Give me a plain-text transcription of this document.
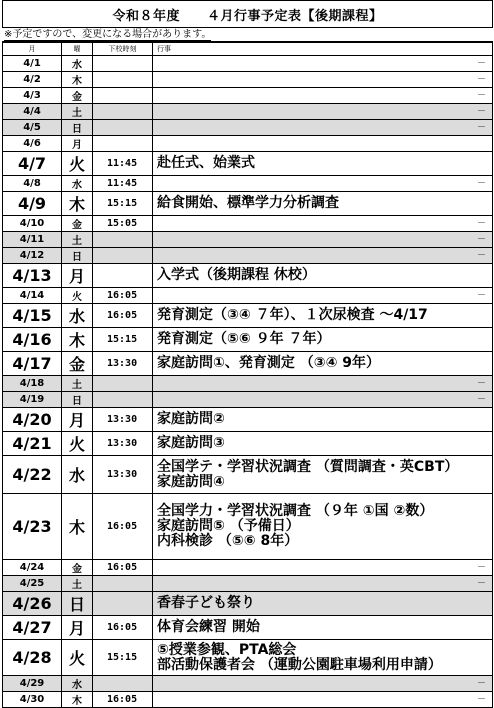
令和８年度　　４月行事予定表【後期課程】
※予定ですので、変更になる場合があります。
月	曜	下校時刻	行事
4/1	水		－

4/2	木		－

4/3	金		－

4/4	土		－

4/5	日		－

4/6	月		
4/7	火	11:45	赴任式、始業式
4/8	水	11:45	－

4/9	木	15:15	給食開始、標準学力分析調査
4/10	金	15:05	－

4/11	土		－

4/12	日		－

4/13	月		入学式（後期課程 休校）
4/14	火	16:05	－

4/15	水	16:05	発育測定（③④ ７年）、１次尿検査 ～4/17
4/16	木	15:15	発育測定（⑤⑥ ９年 ７年）
4/17	金	13:30	家庭訪問①、発育測定 （③④ 9年）
4/18	土		－

4/19	日		－

4/20	月	13:30	家庭訪問②
4/21	火	13:30	家庭訪問③
4/22	水	13:30	全国学テ・学習状況調査 （質問調査・英CBT）
家庭訪問④
4/23	木	16:05	全国学力・学習状況調査 （９年 ①国 ②数）
家庭訪問⑤ （予備日）
内科検診 （⑤⑥ 8年）
4/24	金	16:05	－

4/25	土		－

4/26	日		香春子ども祭り
4/27	月	16:05	体育会練習 開始
4/28	火	15:15	⑤授業参観、PTA総会
部活動保護者会 （運動公園駐車場利用申請）
4/29	水		－

4/30	木	16:05	－
